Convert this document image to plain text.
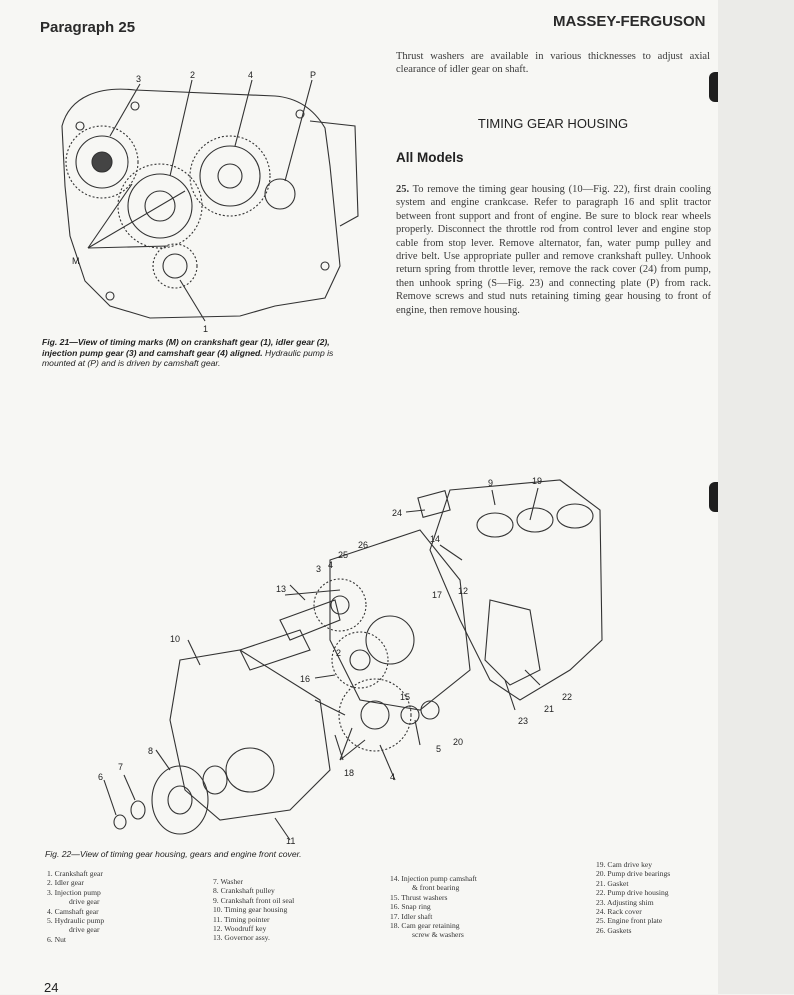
Paragraph 25	MASSEY-FERGUSON
Thrust washers are available in various thicknesses to adjust axial clearance of idler gear on shaft.
TIMING GEAR HOUSING
All Models
25. To remove the timing gear housing (10—Fig. 22), first drain cooling system and engine crankcase. Refer to paragraph 16 and split tractor between front support and front of engine. Be sure to block rear wheels properly. Disconnect the throttle rod from control lever and engine stop cable from stop lever. Remove alternator, fan, water pump pulley and drive belt. Use appropriate puller and remove crankshaft pulley. Unhook return spring from throttle lever, remove the rack cover (24) from pump, then unhook spring (S—Fig. 23) and connecting plate (P) from rack. Remove screws and stud nuts retaining timing gear housing to front of engine, then remove housing.
3	2	4	P
M
1
Fig. 21—View of timing marks (M) on crankshaft gear (1), idler gear (2), injection pump gear (3) and camshaft gear (4) aligned. Hydraulic pump is mounted at (P) and is driven by camshaft gear.
24
9	19
14
26
25
3 4
13
17 12
10
2
16
15	22
21
23
5
20
8
7
6	18	4
11
Fig. 22—View of timing gear housing, gears and engine front cover.
1. Crankshaft gear
2. Idler gear
3. Injection pump
drive gear
4. Camshaft gear
5. Hydraulic pump
drive gear
6. Nut
7. Washer
8. Crankshaft pulley
9. Crankshaft front oil seal
10. Timing gear housing
11. Timing pointer
12. Woodruff key
13. Governor assy.
14. Injection pump camshaft
& front bearing
15. Thrust washers
16. Snap ring
17. Idler shaft
18. Cam gear retaining
screw & washers
19. Cam drive key
20. Pump drive bearings
21. Gasket
22. Pump drive housing
23. Adjusting shim
24. Rack cover
25. Engine front plate
26. Gaskets
24
